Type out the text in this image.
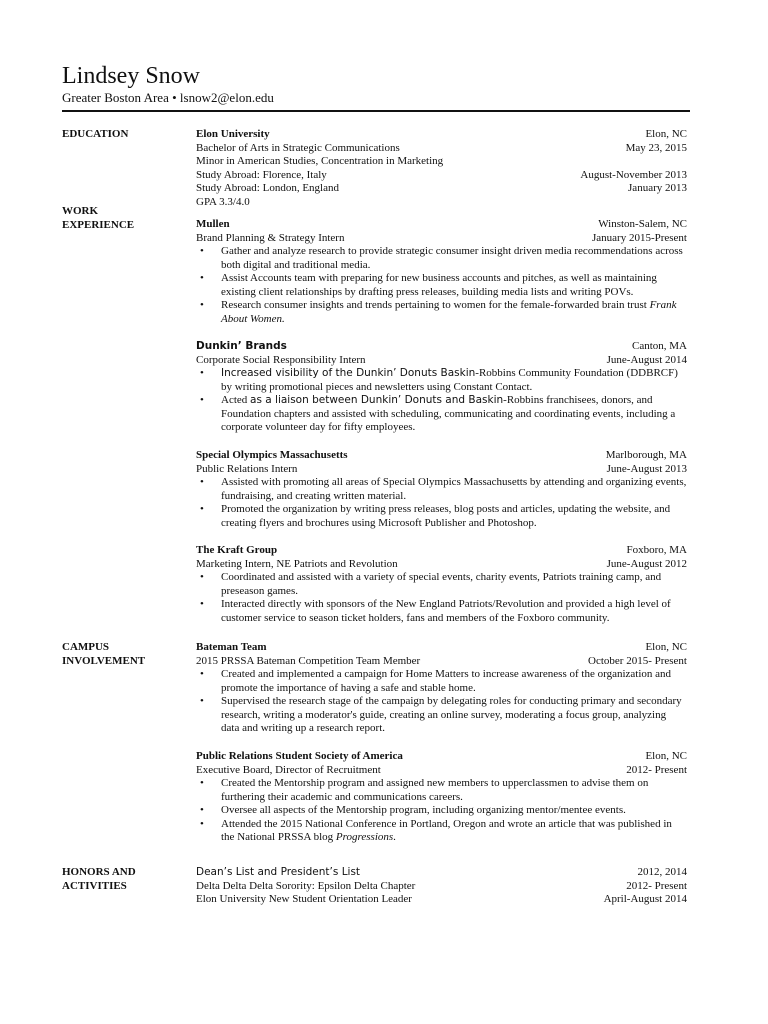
Lindsey Snow
Greater Boston Area • lsnow2@elon.edu
EDUCATION	Elon University	Elon, NC
Bachelor of Arts in Strategic Communications	May 23, 2015
Minor in American Studies, Concentration in Marketing
Study Abroad: Florence, Italy	August-November 2013
Study Abroad: London, England	January 2013
GPA 3.3/4.0
WORK
EXPERIENCE	Mullen	Winston-Salem, NC
Brand Planning & Strategy Intern	January 2015-Present
• Gather and analyze research to provide strategic consumer insight driven media recommendations across both digital and traditional media.
• Assist Accounts team with preparing for new business accounts and pitches, as well as maintaining existing client relationships by drafting press releases, building media lists and writing POVs.
• Research consumer insights and trends pertaining to women for the female-forwarded brain trust Frank About Women.
Dunkin’ Brands	Canton, MA
Corporate Social Responsibility Intern	June-August 2014
• Increased visibility of the Dunkin’ Donuts Baskin-Robbins Community Foundation (DDBRCF) by writing promotional pieces and newsletters using Constant Contact.
• Acted as a liaison between Dunkin’ Donuts and Baskin-Robbins franchisees, donors, and Foundation chapters and assisted with scheduling, communicating and coordinating events, including a corporate volunteer day for fifty employees.
Special Olympics Massachusetts	Marlborough, MA
Public Relations Intern	June-August 2013
• Assisted with promoting all areas of Special Olympics Massachusetts by attending and organizing events, fundraising, and creating written material.
• Promoted the organization by writing press releases, blog posts and articles, updating the website, and creating flyers and brochures using Microsoft Publisher and Photoshop.
The Kraft Group	Foxboro, MA
Marketing Intern, NE Patriots and Revolution	June-August 2012
• Coordinated and assisted with a variety of special events, charity events, Patriots training camp, and preseason games.
• Interacted directly with sponsors of the New England Patriots/Revolution and provided a high level of customer service to season ticket holders, fans and members of the Foxboro community.
CAMPUS
INVOLVEMENT
Bateman Team	Elon, NC
2015 PRSSA Bateman Competition Team Member	October 2015- Present
• Created and implemented a campaign for Home Matters to increase awareness of the organization and promote the importance of having a safe and stable home.
• Supervised the research stage of the campaign by delegating roles for conducting primary and secondary research, writing a moderator's guide, creating an online survey, moderating a focus group, analyzing data and writing up a research report.
Public Relations Student Society of America	Elon, NC
Executive Board, Director of Recruitment	2012- Present
• Created the Mentorship program and assigned new members to upperclassmen to advise them on furthering their academic and communications careers.
• Oversee all aspects of the Mentorship program, including organizing mentor/mentee events.
• Attended the 2015 National Conference in Portland, Oregon and wrote an article that was published in the National PRSSA blog Progressions.
HONORS AND
ACTIVITIES
Dean’s List and President’s List	2012, 2014
Delta Delta Delta Sorority: Epsilon Delta Chapter	2012- Present
Elon University New Student Orientation Leader	April-August 2014
